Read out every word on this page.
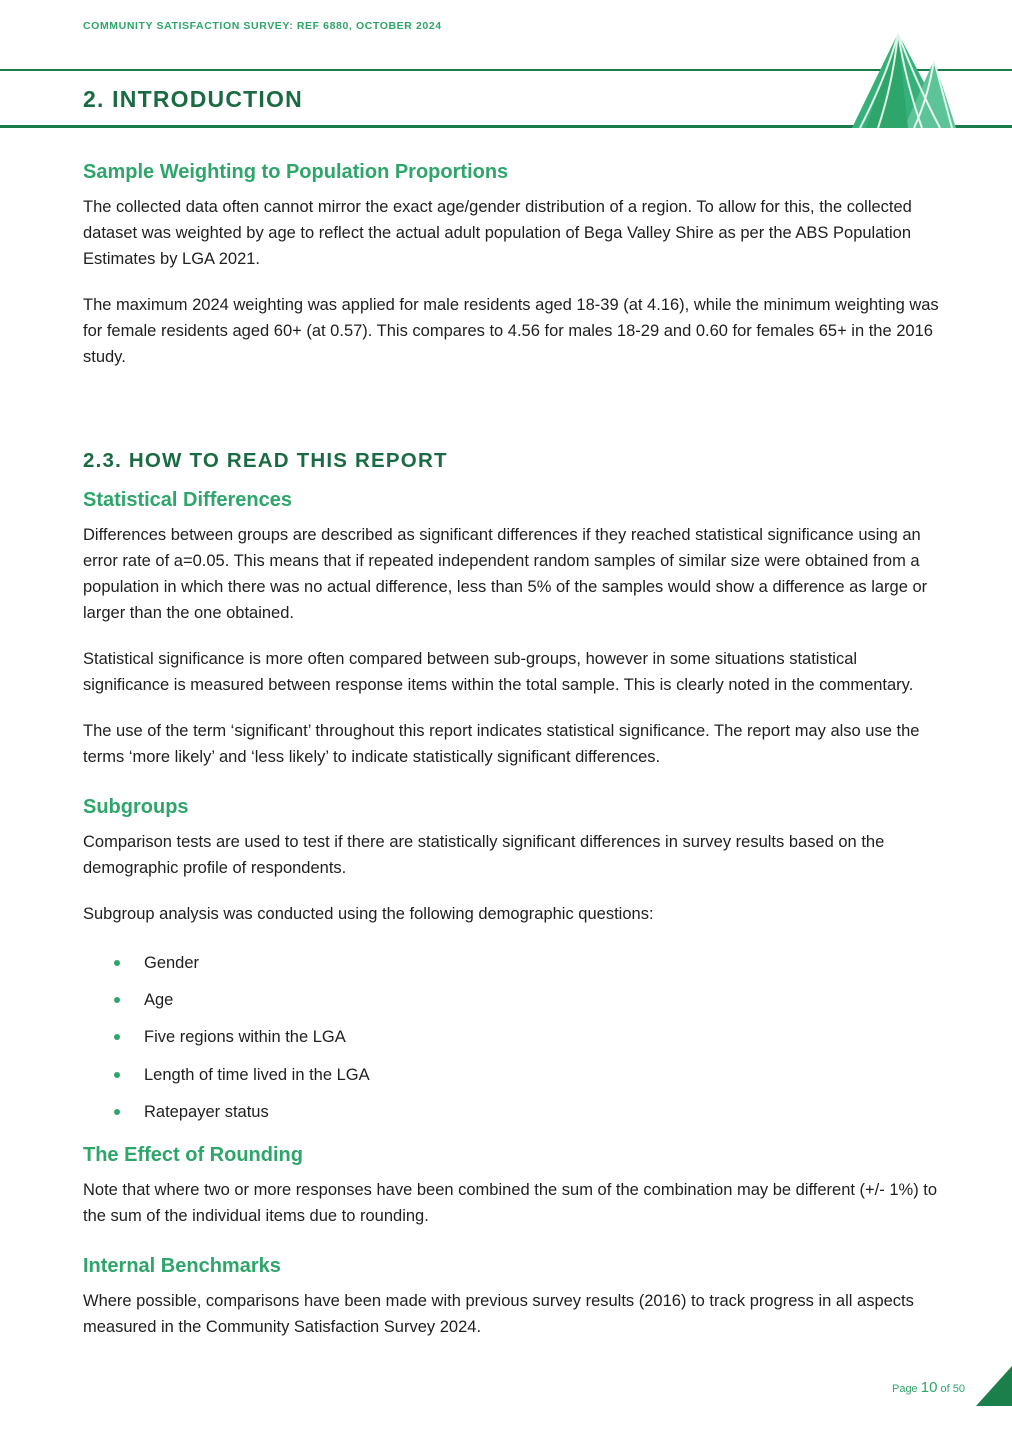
COMMUNITY SATISFACTION SURVEY: REF 6880, OCTOBER 2024
2. INTRODUCTION
Sample Weighting to Population Proportions

The collected data often cannot mirror the exact age/gender distribution of a region. To allow for this, the collected dataset was weighted by age to reflect the actual adult population of Bega Valley Shire as per the ABS Population Estimates by LGA 2021.

The maximum 2024 weighting was applied for male residents aged 18-39 (at 4.16), while the minimum weighting was for female residents aged 60+ (at 0.57). This compares to 4.56 for males 18-29 and 0.60 for females 65+ in the 2016 study.

2.3. HOW TO READ THIS REPORT
Statistical Differences

Differences between groups are described as significant differences if they reached statistical significance using an error rate of a=0.05. This means that if repeated independent random samples of similar size were obtained from a population in which there was no actual difference, less than 5% of the samples would show a difference as large or larger than the one obtained.

Statistical significance is more often compared between sub-groups, however in some situations statistical significance is measured between response items within the total sample. This is clearly noted in the commentary.

The use of the term ‘significant’ throughout this report indicates statistical significance. The report may also use the terms ‘more likely’ and ‘less likely’ to indicate statistically significant differences.

Subgroups

Comparison tests are used to test if there are statistically significant differences in survey results based on the demographic profile of respondents.

Subgroup analysis was conducted using the following demographic questions:

Gender
Age
Five regions within the LGA
Length of time lived in the LGA
Ratepayer status
The Effect of Rounding

Note that where two or more responses have been combined the sum of the combination may be different (+/- 1%) to the sum of the individual items due to rounding.

Internal Benchmarks

Where possible, comparisons have been made with previous survey results (2016) to track progress in all aspects measured in the Community Satisfaction Survey 2024.

Page 10 of 50
